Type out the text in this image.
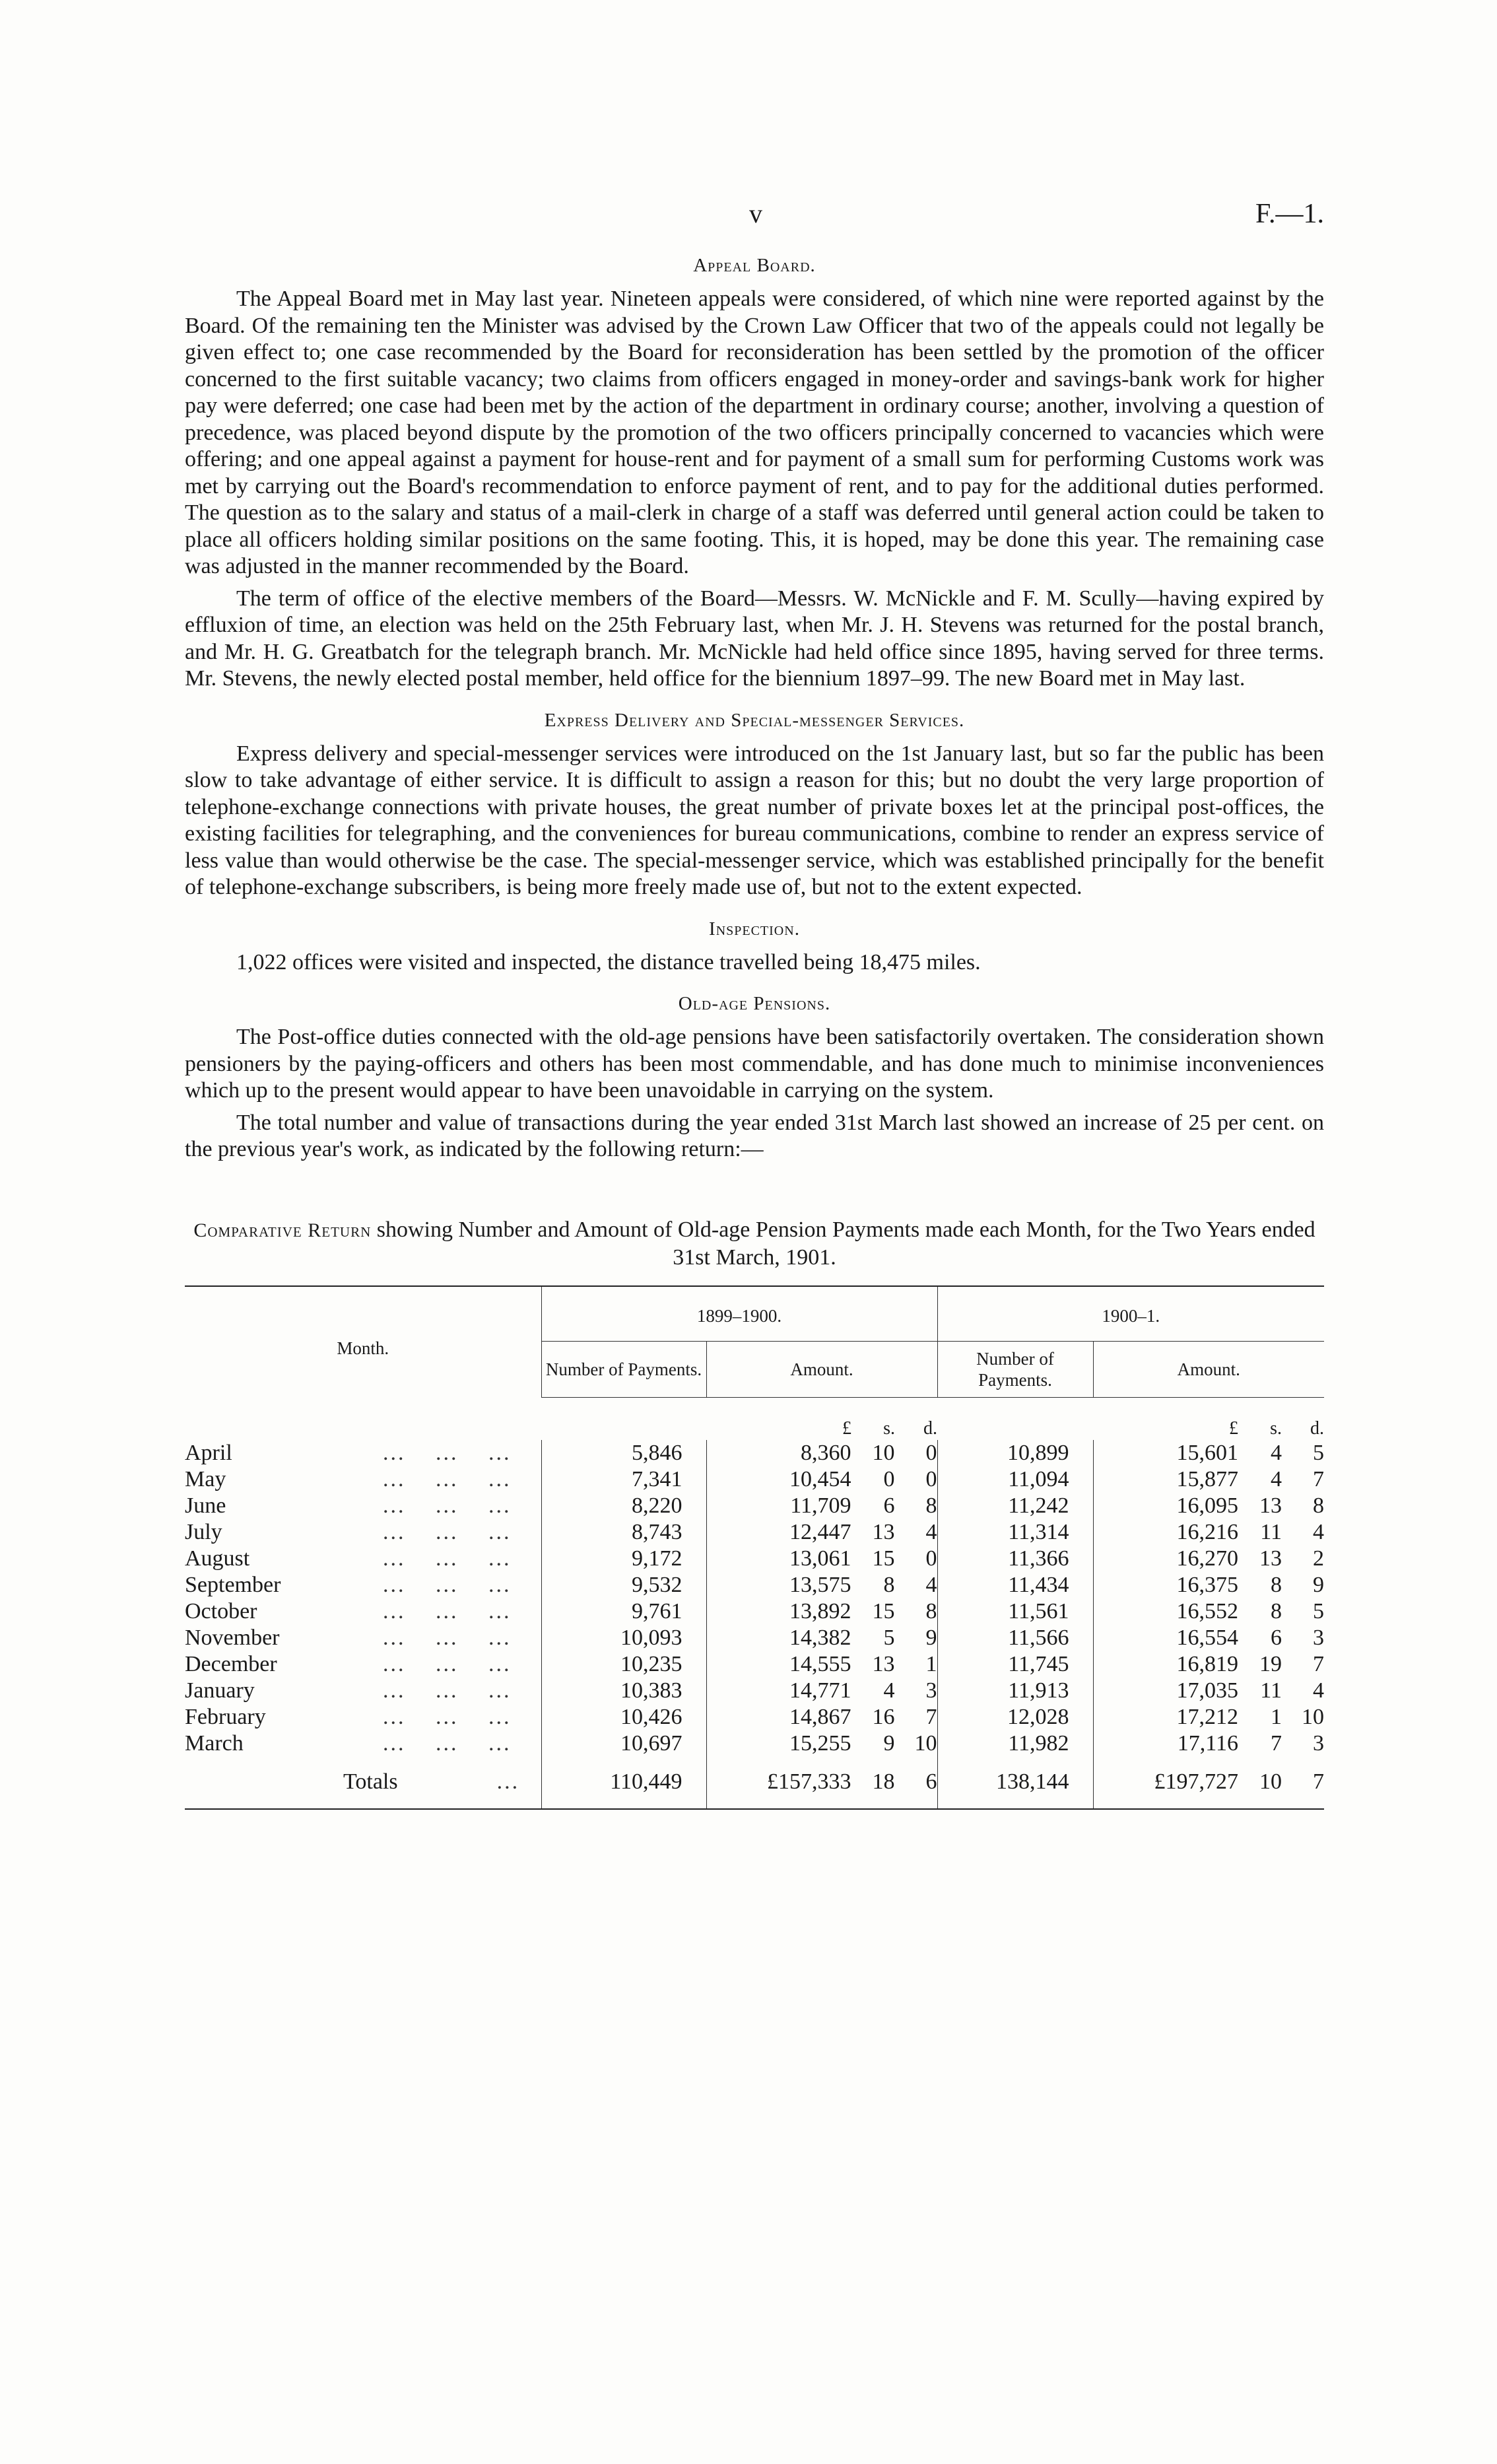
v	F.—1.
Appeal Board.

The Appeal Board met in May last year. Nineteen appeals were considered, of which nine were reported against by the Board. Of the remaining ten the Minister was advised by the Crown Law Officer that two of the appeals could not legally be given effect to; one case recommended by the Board for reconsideration has been settled by the promotion of the officer concerned to the first suitable vacancy; two claims from officers engaged in money-order and savings-bank work for higher pay were deferred; one case had been met by the action of the department in ordinary course; another, involving a question of precedence, was placed beyond dispute by the promotion of the two officers principally concerned to vacancies which were offering; and one appeal against a payment for house-rent and for payment of a small sum for performing Customs work was met by carrying out the Board's recommendation to enforce payment of rent, and to pay for the additional duties performed. The question as to the salary and status of a mail-clerk in charge of a staff was deferred until general action could be taken to place all officers holding similar positions on the same footing. This, it is hoped, may be done this year. The remaining case was adjusted in the manner recommended by the Board.

The term of office of the elective members of the Board—Messrs. W. McNickle and F. M. Scully—having expired by effluxion of time, an election was held on the 25th February last, when Mr. J. H. Stevens was returned for the postal branch, and Mr. H. G. Greatbatch for the telegraph branch. Mr. McNickle had held office since 1895, having served for three terms. Mr. Stevens, the newly elected postal member, held office for the biennium 1897–99. The new Board met in May last.

Express Delivery and Special-messenger Services.

Express delivery and special-messenger services were introduced on the 1st January last, but so far the public has been slow to take advantage of either service. It is difficult to assign a reason for this; but no doubt the very large proportion of telephone-exchange connections with private houses, the great number of private boxes let at the principal post-offices, the existing facilities for telegraphing, and the conveniences for bureau communications, combine to render an express service of less value than would otherwise be the case. The special-messenger service, which was established principally for the benefit of telephone-exchange subscribers, is being more freely made use of, but not to the extent expected.

Inspection.

1,022 offices were visited and inspected, the distance travelled being 18,475 miles.

Old-age Pensions.

The Post-office duties connected with the old-age pensions have been satisfactorily overtaken. The consideration shown pensioners by the paying-officers and others has been most commendable, and has done much to minimise inconveniences which up to the present would appear to have been unavoidable in carrying on the system.

The total number and value of transactions during the year ended 31st March last showed an increase of 25 per cent. on the previous year's work, as indicated by the following return:—

Comparative Return showing Number and Amount of Old-age Pension Payments made each Month, for the Two Years ended 31st March, 1901.
Month.	1899–1900.		1900–1.	
	Number of Payments.	Amount.	Number of Payments.	Amount.
		£ s. d.		£ s. d.
April ... ... ...	5,846	8,360 10 0	10,899	15,601 4 5
May ... ... ...	7,341	10,454 0 0	11,094	15,877 4 7
June ... ... ...	8,220	11,709 6 8	11,242	16,095 13 8
July ... ... ...	8,743	12,447 13 4	11,314	16,216 11 4
August ... ... ...	9,172	13,061 15 0	11,366	16,270 13 2
September ... ... ...	9,532	13,575 8 4	11,434	16,375 8 9
October ... ... ...	9,761	13,892 15 8	11,561	16,552 8 5
November ... ... ...	10,093	14,382 5 9	11,566	16,554 6 3
December ... ... ...	10,235	14,555 13 1	11,745	16,819 19 7
January ... ... ...	10,383	14,771 4 3	11,913	17,035 11 4
February ... ... ...	10,426	14,867 16 7	12,028	17,212 1 10
March ... ... ...	10,697	15,255 9 10	11,982	17,116 7 3
Totals ...	110,449	£157,333 18 6	138,144	£197,727 10 7
